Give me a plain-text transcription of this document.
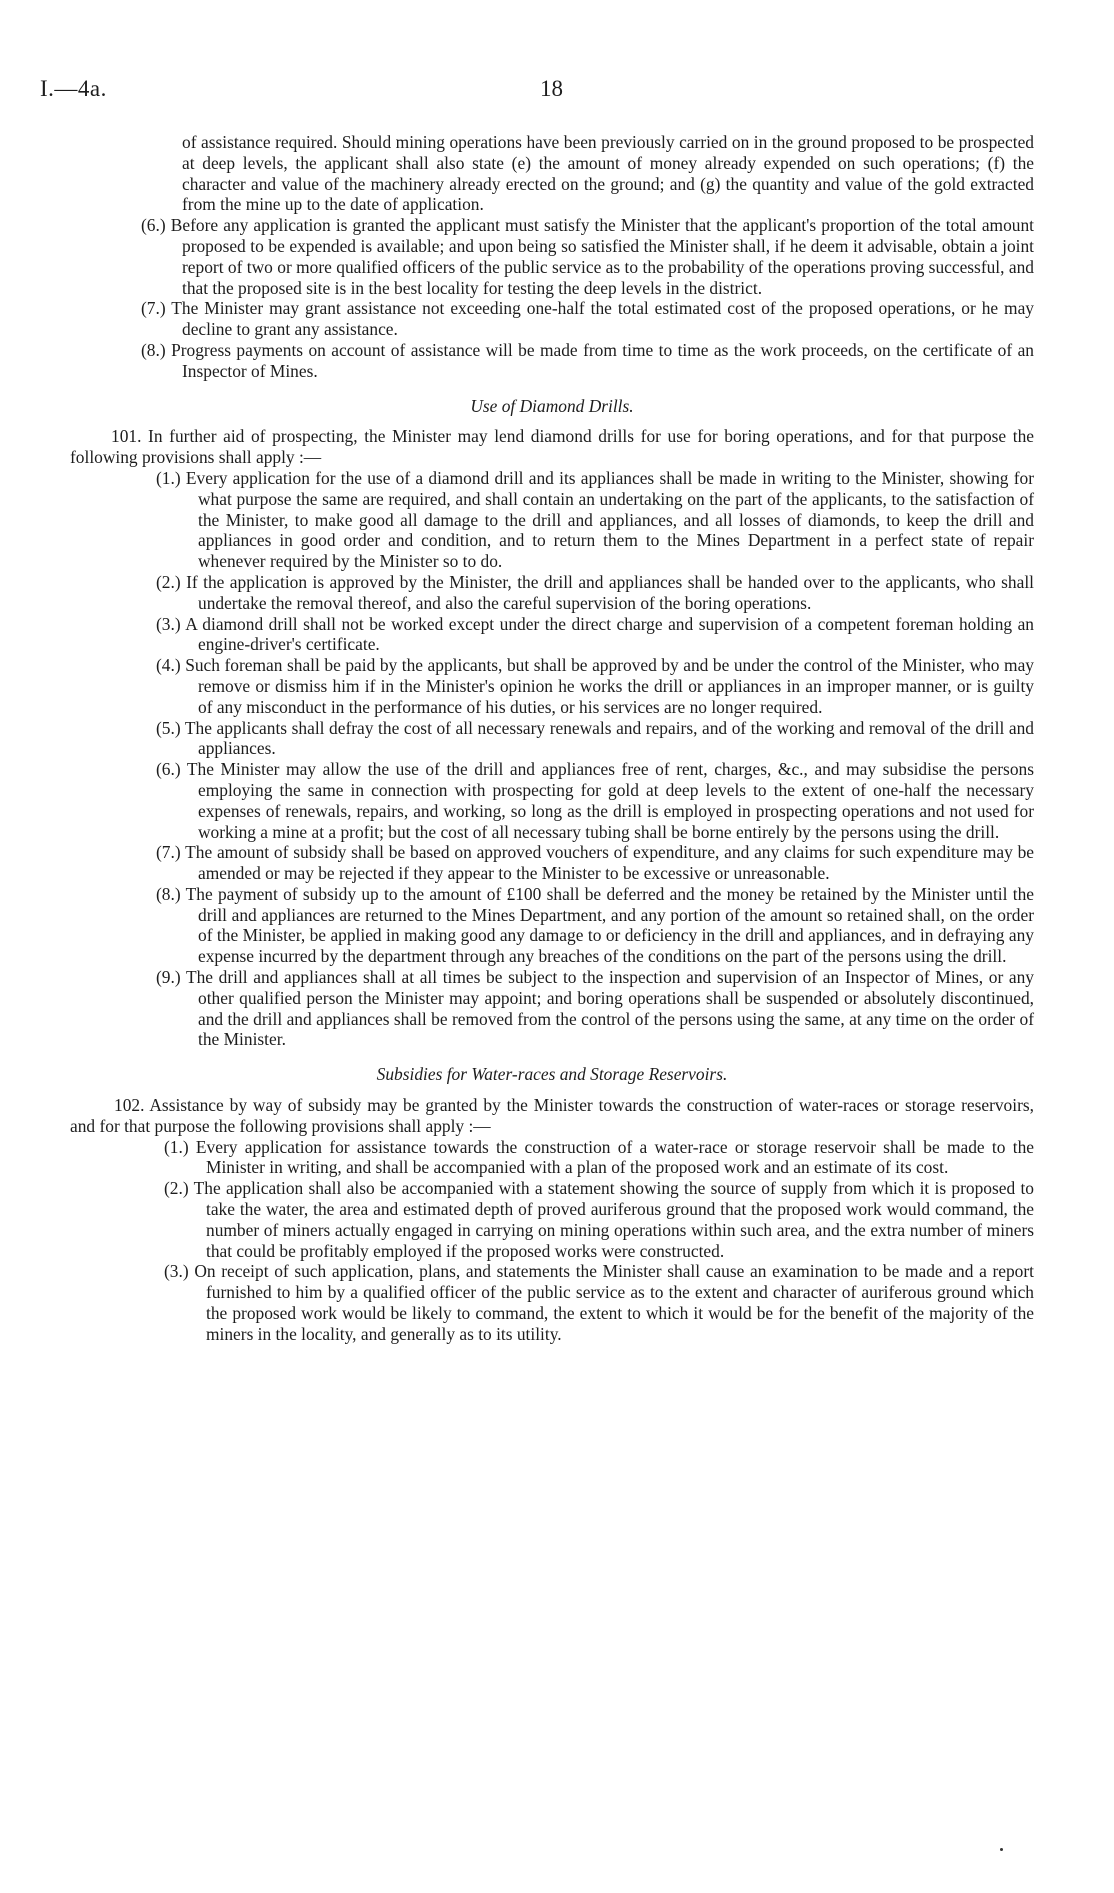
I.—4a.	18

of assistance required. Should mining operations have been previously carried on in the ground proposed to be prospected at deep levels, the applicant shall also state (e) the amount of money already expended on such operations; (f) the character and value of the machinery already erected on the ground; and (g) the quantity and value of the gold extracted from the mine up to the date of application.

(6.) Before any application is granted the applicant must satisfy the Minister that the applicant's proportion of the total amount proposed to be expended is available; and upon being so satisfied the Minister shall, if he deem it advisable, obtain a joint report of two or more qualified officers of the public service as to the probability of the operations proving successful, and that the proposed site is in the best locality for testing the deep levels in the district.

(7.) The Minister may grant assistance not exceeding one-half the total estimated cost of the proposed operations, or he may decline to grant any assistance.

(8.) Progress payments on account of assistance will be made from time to time as the work proceeds, on the certificate of an Inspector of Mines.

Use of Diamond Drills.

101. In further aid of prospecting, the Minister may lend diamond drills for use for boring operations, and for that purpose the following provisions shall apply :—

(1.) Every application for the use of a diamond drill and its appliances shall be made in writing to the Minister, showing for what purpose the same are required, and shall contain an undertaking on the part of the applicants, to the satisfaction of the Minister, to make good all damage to the drill and appliances, and all losses of diamonds, to keep the drill and appliances in good order and condition, and to return them to the Mines Department in a perfect state of repair whenever required by the Minister so to do.

(2.) If the application is approved by the Minister, the drill and appliances shall be handed over to the applicants, who shall undertake the removal thereof, and also the careful supervision of the boring operations.

(3.) A diamond drill shall not be worked except under the direct charge and supervision of a competent foreman holding an engine-driver's certificate.

(4.) Such foreman shall be paid by the applicants, but shall be approved by and be under the control of the Minister, who may remove or dismiss him if in the Minister's opinion he works the drill or appliances in an improper manner, or is guilty of any misconduct in the performance of his duties, or his services are no longer required.

(5.) The applicants shall defray the cost of all necessary renewals and repairs, and of the working and removal of the drill and appliances.

(6.) The Minister may allow the use of the drill and appliances free of rent, charges, &c., and may subsidise the persons employing the same in connection with prospecting for gold at deep levels to the extent of one-half the necessary expenses of renewals, repairs, and working, so long as the drill is employed in prospecting operations and not used for working a mine at a profit; but the cost of all necessary tubing shall be borne entirely by the persons using the drill.

(7.) The amount of subsidy shall be based on approved vouchers of expenditure, and any claims for such expenditure may be amended or may be rejected if they appear to the Minister to be excessive or unreasonable.

(8.) The payment of subsidy up to the amount of £100 shall be deferred and the money be retained by the Minister until the drill and appliances are returned to the Mines Department, and any portion of the amount so retained shall, on the order of the Minister, be applied in making good any damage to or deficiency in the drill and appliances, and in defraying any expense incurred by the department through any breaches of the conditions on the part of the persons using the drill.

(9.) The drill and appliances shall at all times be subject to the inspection and supervision of an Inspector of Mines, or any other qualified person the Minister may appoint; and boring operations shall be suspended or absolutely discontinued, and the drill and appliances shall be removed from the control of the persons using the same, at any time on the order of the Minister.

Subsidies for Water-races and Storage Reservoirs.

102. Assistance by way of subsidy may be granted by the Minister towards the construction of water-races or storage reservoirs, and for that purpose the following provisions shall apply :—

(1.) Every application for assistance towards the construction of a water-race or storage reservoir shall be made to the Minister in writing, and shall be accompanied with a plan of the proposed work and an estimate of its cost.

(2.) The application shall also be accompanied with a statement showing the source of supply from which it is proposed to take the water, the area and estimated depth of proved auriferous ground that the proposed work would command, the number of miners actually engaged in carrying on mining operations within such area, and the extra number of miners that could be profitably employed if the proposed works were constructed.

(3.) On receipt of such application, plans, and statements the Minister shall cause an examination to be made and a report furnished to him by a qualified officer of the public service as to the extent and character of auriferous ground which the proposed work would be likely to command, the extent to which it would be for the benefit of the majority of the miners in the locality, and generally as to its utility.
